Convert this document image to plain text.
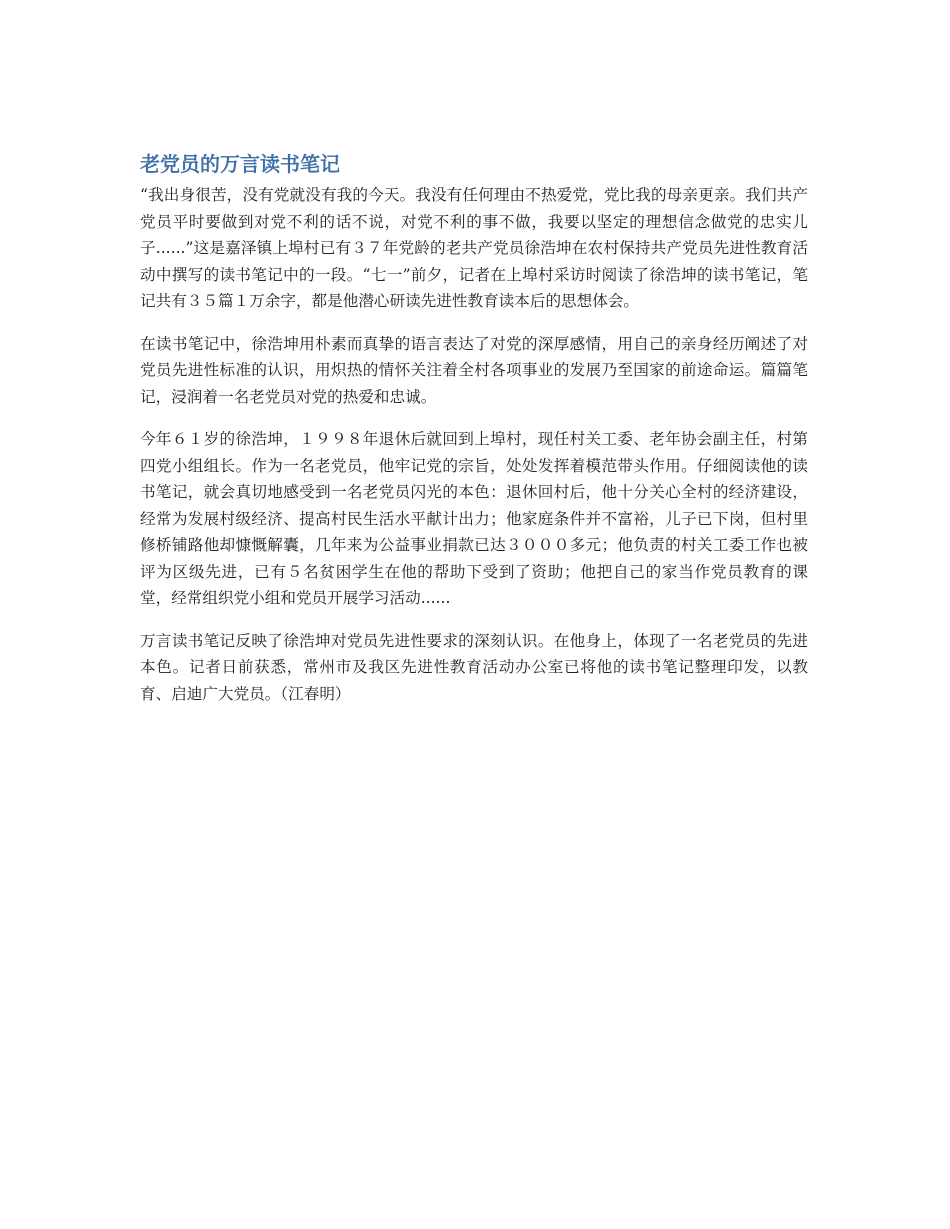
老党员的万言读书笔记

“我出身很苦，没有党就没有我的今天。我没有任何理由不热爱党，党比我的母亲更亲。我们共产党员平时要做到对党不利的话不说，对党不利的事不做，我要以坚定的理想信念做党的忠实儿子......”这是嘉泽镇上埠村已有３７年党龄的老共产党员徐浩坤在农村保持共产党员先进性教育活动中撰写的读书笔记中的一段。“七一”前夕，记者在上埠村采访时阅读了徐浩坤的读书笔记，笔记共有３５篇１万余字，都是他潜心研读先进性教育读本后的思想体会。

在读书笔记中，徐浩坤用朴素而真挚的语言表达了对党的深厚感情，用自己的亲身经历阐述了对党员先进性标准的认识，用炽热的情怀关注着全村各项事业的发展乃至国家的前途命运。篇篇笔记，浸润着一名老党员对党的热爱和忠诚。

今年６１岁的徐浩坤，１９９８年退休后就回到上埠村，现任村关工委、老年协会副主任，村第四党小组组长。作为一名老党员，他牢记党的宗旨，处处发挥着模范带头作用。仔细阅读他的读书笔记，就会真切地感受到一名老党员闪光的本色：退休回村后，他十分关心全村的经济建设，经常为发展村级经济、提高村民生活水平献计出力；他家庭条件并不富裕，儿子已下岗，但村里修桥铺路他却慷慨解囊，几年来为公益事业捐款已达３０００多元；他负责的村关工委工作也被评为区级先进，已有５名贫困学生在他的帮助下受到了资助；他把自己的家当作党员教育的课堂，经常组织党小组和党员开展学习活动......

万言读书笔记反映了徐浩坤对党员先进性要求的深刻认识。在他身上，体现了一名老党员的先进本色。记者日前获悉，常州市及我区先进性教育活动办公室已将他的读书笔记整理印发，以教育、启迪广大党员。（江春明）
